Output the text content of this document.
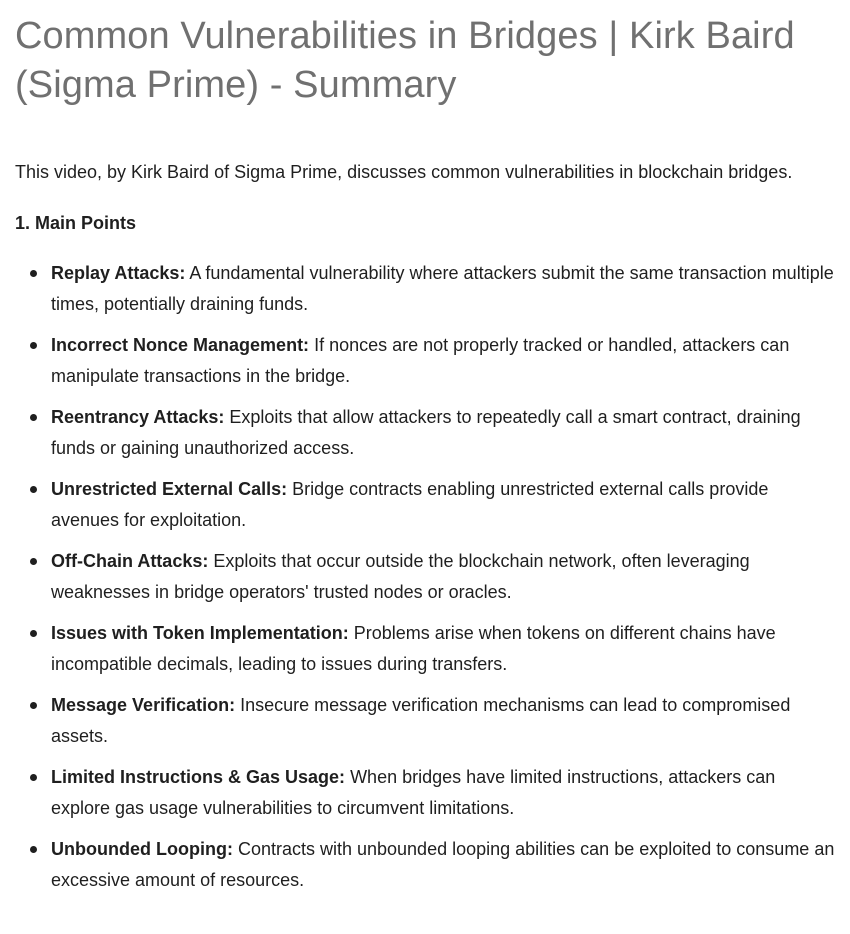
Common Vulnerabilities in Bridges | Kirk Baird (Sigma Prime) - Summary

This video, by Kirk Baird of Sigma Prime, discusses common vulnerabilities in blockchain bridges.

1. Main Points
Replay Attacks: A fundamental vulnerability where attackers submit the same transaction multiple times, potentially draining funds.
Incorrect Nonce Management: If nonces are not properly tracked or handled, attackers can manipulate transactions in the bridge.
Reentrancy Attacks: Exploits that allow attackers to repeatedly call a smart contract, draining funds or gaining unauthorized access.
Unrestricted External Calls: Bridge contracts enabling unrestricted external calls provide avenues for exploitation.
Off-Chain Attacks: Exploits that occur outside the blockchain network, often leveraging weaknesses in bridge operators' trusted nodes or oracles.
Issues with Token Implementation: Problems arise when tokens on different chains have incompatible decimals, leading to issues during transfers.
Message Verification: Insecure message verification mechanisms can lead to compromised assets.
Limited Instructions & Gas Usage: When bridges have limited instructions, attackers can explore gas usage vulnerabilities to circumvent limitations.
Unbounded Looping: Contracts with unbounded looping abilities can be exploited to consume an excessive amount of resources.
